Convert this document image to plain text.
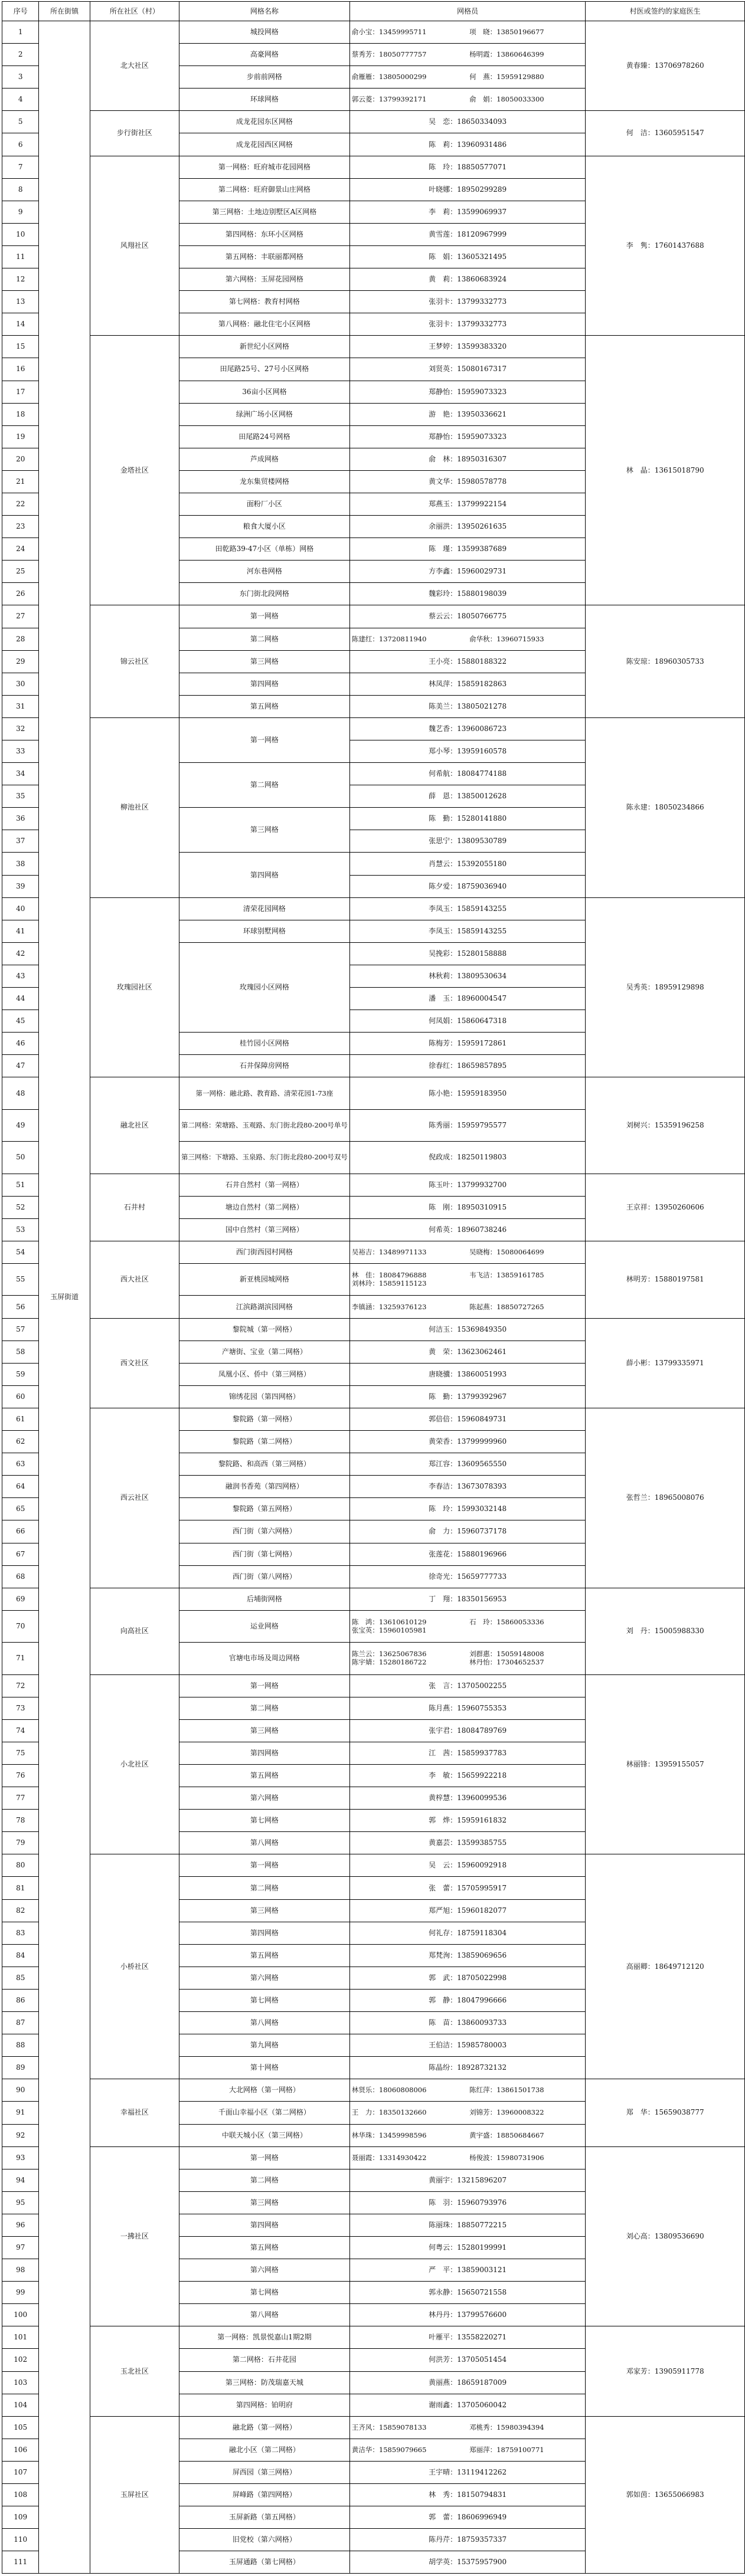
序号	所在街镇	所在社区（村）	网格名称	网格员	村医或签约的家庭医生
1	玉屏街道	北大社区	城投网格	俞小宝：13459995711 项　晓：13850196677	黄春臻：13706978260
2			高豪网格	蔡秀芳：18050777757 杨明霞：13860646399	

3			步前前网格	俞雁雁：13805000299 何　燕：15959129880	

4			环球网格	郭云菱：13799392171 俞　娟：18050033300	

5		步行街社区	成龙花园东区网格	吴　恋：18650334093	何　洁：13605951547
6			成龙花园西区网格	陈　莉：13960931486	
7		风翔社区	第一网格：旺府城市花园网格	陈　玲：18850577071	李　隽：17601437688
8			第二网格：旺府御景山庄网格	叶晓娜：18950299289	
9			第三网格：土地边别墅区A区网格	李　莉：13599069937	
10			第四网格：东环小区网格	黄雪莲：18120967999	
11			第五网格：丰联丽都网格	陈　娟：13605321495	
12			第六网格：玉屏花园网格	黄　莉：13860683924	
13			第七网格：教育村网格	张羽卡：13799332773	
14			第八网格：融北住宅小区网格	张羽卡：13799332773	
15		金塔社区	新世纪小区网格	王梦婷：13599383320	林　晶：13615018790
16			田尾路25号、27号小区网格	刘贤英：15080167317	
17			36亩小区网格	郑静怡：15959073323	
18			绿洲广场小区网格	游　艳：13950336621	
19			田尾路24号网格	郑静怡：15959073323	
20			芦成网格	俞　林：18950316307	
21			龙东集贸楼网格	黄文华：15980578778	
22			面粉厂小区	郑燕玉：13799922154	
23			粮食大厦小区	余丽洪：13950261635	
24			田乾路39-47小区（单栋）网格	陈　瑾：13599387689	
25			河东巷网格	方李鑫：15960029731	
26			东门街北段网格	魏彩玲：15880198039	
27		锦云社区	第一网格	蔡云云：18050766775	陈安琼：18960305733
28			第二网格	陈建红：13720811940 俞华秋：13960715933	

29			第三网格	王小亮：15880188322	
30			第四网格	林凤萍：15859182863	
31			第五网格	陈美兰：13805021278	
32		柳池社区	第一网格	魏艺香：13960086723	陈永建：18050234866
33				郑小琴：13959160578	
34			第二网格	何希航：18084774188	
35				薛　恩：13850012628	
36			第三网格	陈　勤：15280141880	
37				张思宁：13809530789	
38			第四网格	肖慧云：15392055180	
39				陈夕爱：18759036940	
40		玫瑰园社区	清荣花园网格	李凤玉：15859143255	吴秀英：18959129898
41			环球别墅网格	李凤玉：15859143255	
42			玫瑰园小区网格	吴挽彩：15280158888	
43				林秋莉：13809530634	
44				潘　玉：18960004547	
45				何凤娟：15860647318	
46			桂竹园小区网格	陈梅芳：15959172861	
47			石井保障房网格	徐春红：18659857895	
48		融北社区	第一网格：融北路、教育路、清荣花园1-73座	陈小艳：15959183950	刘树兴：15359196258
49			第二网格：荣塘路、玉观路、东门街北段80-200号单号	陈秀丽：15959795577	
50			第三网格：下塘路、玉泉路、东门街北段80-200号双号	倪政成：18250119803	
51		石井村	石井自然村（第一网格）	陈玉叶：13799932700	王京祥：13950260606
52			塘边自然村（第二网格）	陈　刚：18950310915	
53			国中自然村（第三网格）	何希英：18960738246	
54		西大社区	西门街西园村网格	吴裕吉：13489971133 吴晓梅：15080064699	林明芳：15880197581
55			新亚桃园城网格	林　佳：18084796888 韦飞洁：13859161785
刘林玲：15859115123	

56			江滨路湖滨园网格	李镇涵：13259376123 陈起燕：18850727265	

57		西文社区	黎院城（第一网格）	何洁玉：15369849350	薛小彬：13799335971
58			产塘街、宝业（第二网格）	黄　荣：13623062461	
59			凤凰小区、侨中（第三网格）	唐晓骥：13860051993	
60			锦绣花园（第四网格）	陈　勤：13799392967	
61		西云社区	黎院路（第一网格）	郭倍倍：15960849731	张哲兰：18965008076
62			黎院路（第二网格）	黄荣香：13799999960	
63			黎院路、和高西（第三网格）	郑江容：13609565550	
64			融润书香苑（第四网格）	李春洁：13673078393	
65			黎院路（第五网格）	陈　玲：15993032148	
66			西门街（第六网格）	俞　力：15960737178	
67			西门街（第七网格）	张莲花：15880196966	
68			西门街（第八网格）	徐奇光：15659777733	
69		向高社区	后埔街网格	丁　翔：18350156953	刘　丹：15005988330
70			运业网格	陈　鸿：13610610129 石　玲：15860053336
张宝英：15960105981	

71			官塘电市场及周边网格	陈兰云：13625067836 刘群惠：15059148008
陈宇婧：15280186722 林丹怡：17304652537	

72		小北社区	第一网格	张　言：13705002255	林丽锋：13959155057
73			第二网格	陈月燕：15960755353	
74			第三网格	张宇君：18084789769	
75			第四网格	江　茜：15859937783	
76			第五网格	李　敏：15659922218	
77			第六网格	黄梓慧：13960099536	
78			第七网格	郭　烨：15959161832	
79			第八网格	黄嘉芸：13599385755	
80		小桥社区	第一网格	吴　云：15960092918	高丽卿：18649712120
81			第二网格	张　蕾：15705995917	
82			第三网格	郑严旭：15960182077	
83			第四网格	何礼存：18759118304	
84			第五网格	郑梵洵：13859069656	
85			第六网格	郭　武：18705022998	
86			第七网格	郭　静：18047996666	
87			第八网格	陈　苗：13860093733	
88			第九网格	王伯洁：15985780003	
89			第十网格	陈晶纷：18928732132	
90		幸福社区	大北网格（第一网格）	林贤乐：18060808006 陈红萍：13861501738	郑　华：15659038777
91			千面山幸福小区（第二网格）	王　力：18350132660 刘锦芳：13960008322	

92			中联天城小区（第三网格）	林华珠：13459998596 黄宇盛：18850684667	

93		一拂社区	第一网格	聂丽霞：13314930422 杨俊波：15980731906	刘心高：13809536690
94			第二网格	黄丽宇：13215896207	
95			第三网格	陈　羽：15960793976	
96			第四网格	陈丽珠：18850772215	
97			第五网格	何粤云：15280199991	
98			第六网格	严　平：13859003121	
99			第七网格	郭永静：15650721558	
100			第八网格	林丹丹：13799576600	
101		玉北社区	第一网格：凯景悦嘉山1期2期	叶雁平：13558220271	邓家芳：13905911778
102			第二网格：石井花园	何洪芳：13705051454	
103			第三网格：防茂瑞嘉天城	黄丽燕：18659187009	
104			第四网格：铂明府	谢雨鑫：13705060042	
105		玉屏社区	融北路（第一网格）	王齐风：15859078133 邓桃秀：15980394394	郭如茵：13655066983
106			融北小区（第二网格）	黄洁华：15859079665 郑丽萍：18759100771	

107			屏西园（第三网格）	王宇晴：13119412262	
108			屏峰路（第四网格）	林　秀：18150794831	
109			玉屏新路（第五网格）	郭　蕾：18606996949	
110			旧党校（第六网格）	陈丹芹：18759357337	
111			玉屏通路（第七网格）	胡学英：15375957900	
